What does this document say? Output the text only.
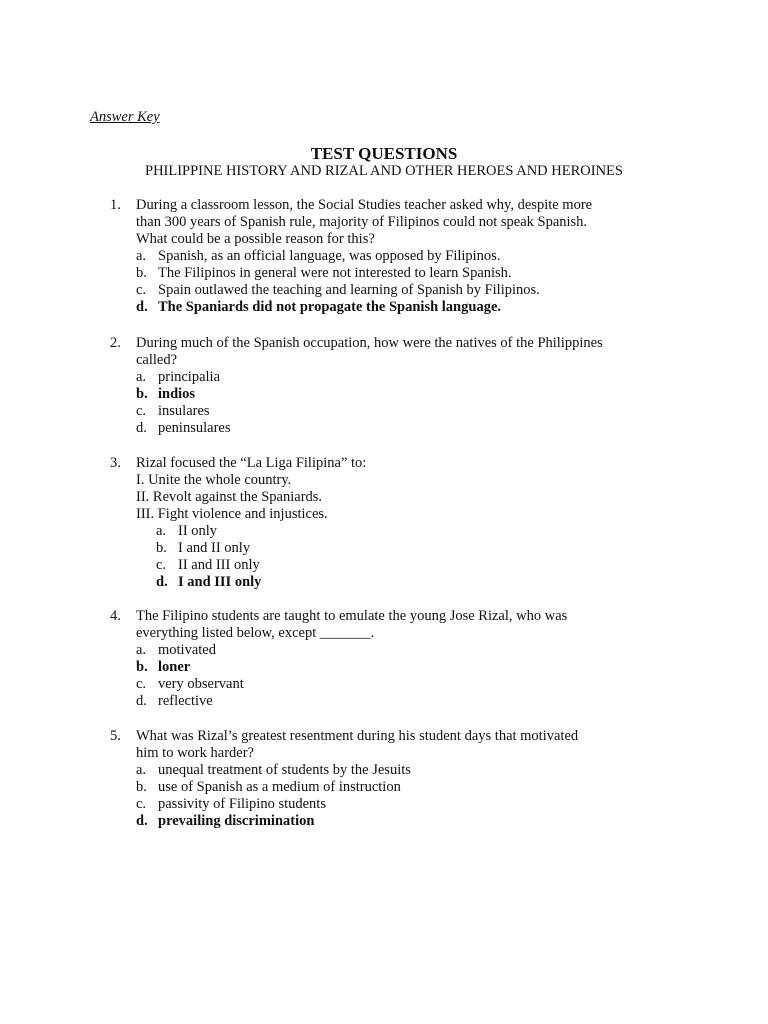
Answer Key
TEST QUESTIONS
PHILIPPINE HISTORY AND RIZAL AND OTHER HEROES AND HEROINES
1.	During a classroom lesson, the Social Studies teacher asked why, despite more
than 300 years of Spanish rule, majority of Filipinos could not speak Spanish.
What could be a possible reason for this?
a. Spanish, as an official language, was opposed by Filipinos.
b. The Filipinos in general were not interested to learn Spanish.
c. Spain outlawed the teaching and learning of Spanish by Filipinos.
d. The Spaniards did not propagate the Spanish language.
2.	During much of the Spanish occupation, how were the natives of the Philippines
called?
a. principalia
b. indios
c. insulares
d. peninsulares
3.	Rizal focused the “La Liga Filipina” to:
I. Unite the whole country.
II. Revolt against the Spaniards.
III. Fight violence and injustices.
a. II only
b. I and II only
c. II and III only
d. I and III only
4.	The Filipino students are taught to emulate the young Jose Rizal, who was
everything listed below, except _______.
a. motivated
b. loner
c. very observant
d. reflective
5.	What was Rizal’s greatest resentment during his student days that motivated
him to work harder?
a. unequal treatment of students by the Jesuits
b. use of Spanish as a medium of instruction
c. passivity of Filipino students
d. prevailing discrimination
